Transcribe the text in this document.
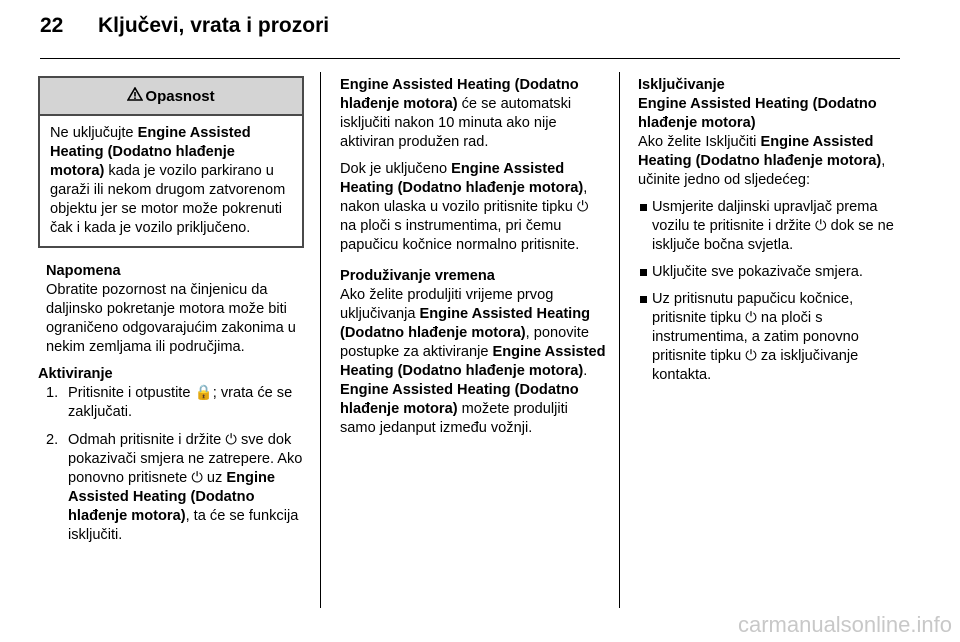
22	Ključevi, vrata i prozori
Opasnost
Ne uključujte Engine Assisted Heating (Dodatno hlađenje motora) kada je vozilo parkirano u garaži ili nekom drugom zatvorenom objektu jer se motor može pokrenuti čak i kada je vozilo priključeno.
Napomena
Obratite pozornost na činjenicu da daljinsko pokretanje motora može biti ograničeno odgovarajućim zakonima u nekim zemljama ili područjima.
Aktiviranje
1. Pritisnite i otpustite 🔒; vrata će se zaključati.
2. Odmah pritisnite i držite ⏻ sve dok pokazivači smjera ne zatrepere. Ako ponovno pritisnete ⏻ uz Engine Assisted Heating (Dodatno hlađenje motora), ta će se funkcija isključiti.

Engine Assisted Heating (Dodatno hlađenje motora) će se automatski isključiti nakon 10 minuta ako nije aktiviran produžen rad.

Dok je uključeno Engine Assisted Heating (Dodatno hlađenje motora), nakon ulaska u vozilo pritisnite tipku ⏻ na ploči s instrumentima, pri čemu papučicu kočnice normalno pritisnite.

Produživanje vremena
Ako želite produljiti vrijeme prvog uključivanja Engine Assisted Heating (Dodatno hlađenje motora), ponovite postupke za aktiviranje Engine Assisted Heating (Dodatno hlađenje motora). Engine Assisted Heating (Dodatno hlađenje motora) možete produljiti samo jedanput između vožnji.
Isključivanje
Engine Assisted Heating (Dodatno hlađenje motora)

Ako želite Isključiti Engine Assisted Heating (Dodatno hlađenje motora), učinite jedno od sljedećeg:

Usmjerite daljinski upravljač prema vozilu te pritisnite i držite ⏻ dok se ne isključe bočna svjetla.
Uključite sve pokazivače smjera.
Uz pritisnutu papučicu kočnice, pritisnite tipku ⏻ na ploči s instrumentima, a zatim ponovno pritisnite tipku ⏻ za isključivanje kontakta.
carmanualsonline.info
